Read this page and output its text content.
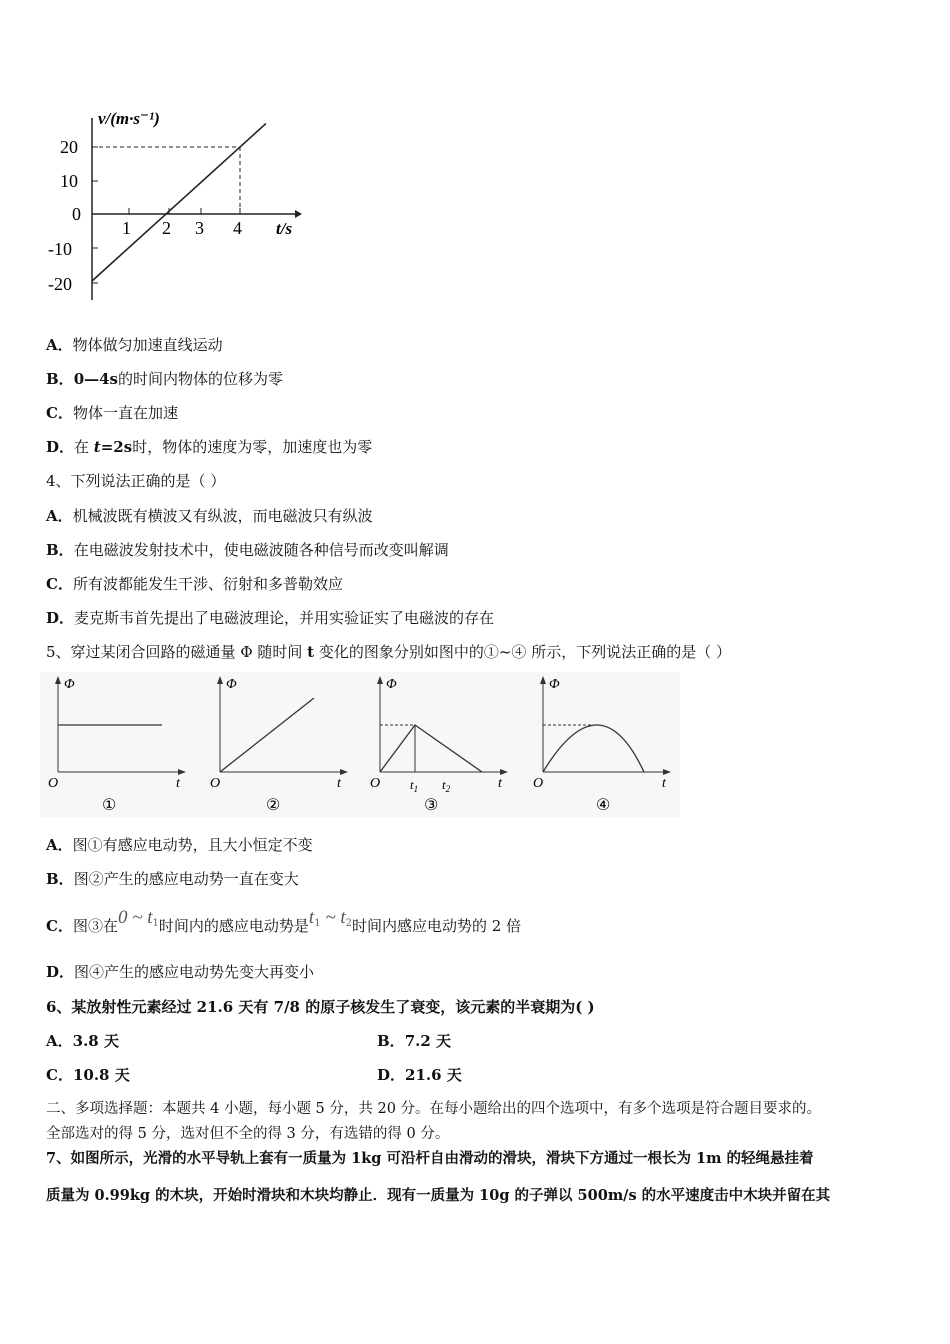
v/(m·s⁻¹)
t/s
20
10
0
-10
-20
1 2 3 4
A．物体做匀加速直线运动
B．0—4s的时间内物体的位移为零
C．物体一直在加速
D．在 t=2s时，物体的速度为零，加速度也为零
4、下列说法正确的是（ ）
A．机械波既有横波又有纵波，而电磁波只有纵波
B．在电磁波发射技术中，使电磁波随各种信号而改变叫解调
C．所有波都能发生干涉、衍射和多普勒效应
D．麦克斯韦首先提出了电磁波理论，并用实验证实了电磁波的存在
5、穿过某闭合回路的磁通量 Φ 随时间 t 变化的图象分别如图中的①~④ 所示，下列说法正确的是（ ）
Φ
O	t
①
Φ
O	t
②
Φ
O	t
$t_1$ $t_2$
③
Φ
O	t
④
A．图①有感应电动势，且大小恒定不变
B．图②产生的感应电动势一直在变大
C．图③在0 ~ $t^1$时间内的感应电动势是$t^1$ ~ $t^2$时间内感应电动势的 2 倍
D．图④产生的感应电动势先变大再变小
6、某放射性元素经过 21.6 天有 7/8 的原子核发生了衰变，该元素的半衰期为( )
A．3.8 天	B．7.2 天
C．10.8 天	D．21.6 天
二、多项选择题：本题共 4 小题，每小题 5 分，共 20 分。在每小题给出的四个选项中，有多个选项是符合题目要求的。
全部选对的得 5 分，选对但不全的得 3 分，有选错的得 0 分。
7、如图所示，光滑的水平导轨上套有一质量为 1kg 可沿杆自由滑动的滑块，滑块下方通过一根长为 1m 的轻绳悬挂着
质量为 0.99kg 的木块，开始时滑块和木块均静止．现有一质量为 10g 的子弹以 500m/s 的水平速度击中木块并留在其
